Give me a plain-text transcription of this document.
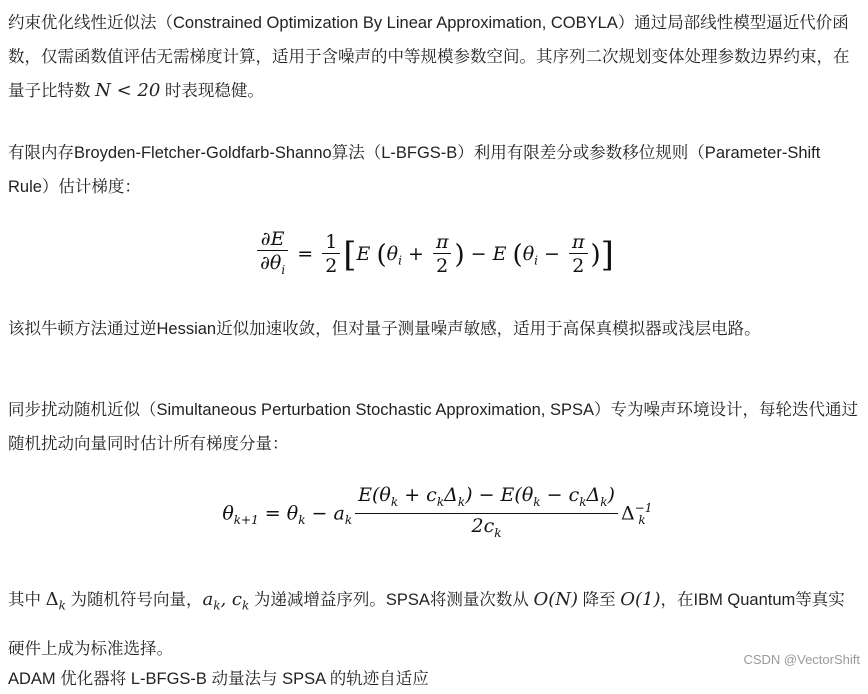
约束优化线性近似法（Constrained Optimization By Linear Approximation, COBYLA）通过局部线性模型逼近代价函数，仅需函数值评估无需梯度计算，适用于含噪声的中等规模参数空间。其序列二次规划变体处理参数边界约束，在量子比特数 N < 20 时表现稳健。

有限内存Broyden-Fletcher-Goldfarb-Shanno算法（L-BFGS-B）利用有限差分或参数移位规则（Parameter-Shift Rule）估计梯度：

$\frac{\partial E}{\partial\theta_i} = \frac{1}{2} [E$ ($\theta_i + \frac{\pi}{2}$ ) − E ($\theta_i - \frac{\pi}{2}$ )]

该拟牛顿方法通过逆Hessian近似加速收敛，但对量子测量噪声敏感，适用于高保真模拟器或浅层电路。

同步扰动随机近似（Simultaneous Perturbation Stochastic Approximation, SPSA）专为噪声环境设计，每轮迭代通过随机扰动向量同时估计所有梯度分量：

$\theta_{k+1} = \theta_k - a_k \frac{E(\theta_k + c_k\Delta_k) - E(\theta_k - c_k\Delta_k)}{2c_k} \Delta^{-1}_k$

其中 $\Delta_k$ 为随机符号向量，$a_k$, $c_k$ 为递减增益序列。SPSA将测量次数从 O(N) 降至 O(1)，在IBM Quantum等真实硬件上成为标准选择。

ADAM 优化器将 L-BFGS-B 动量法与 SPSA 的轨迹自适应
CSDN @VectorShift
